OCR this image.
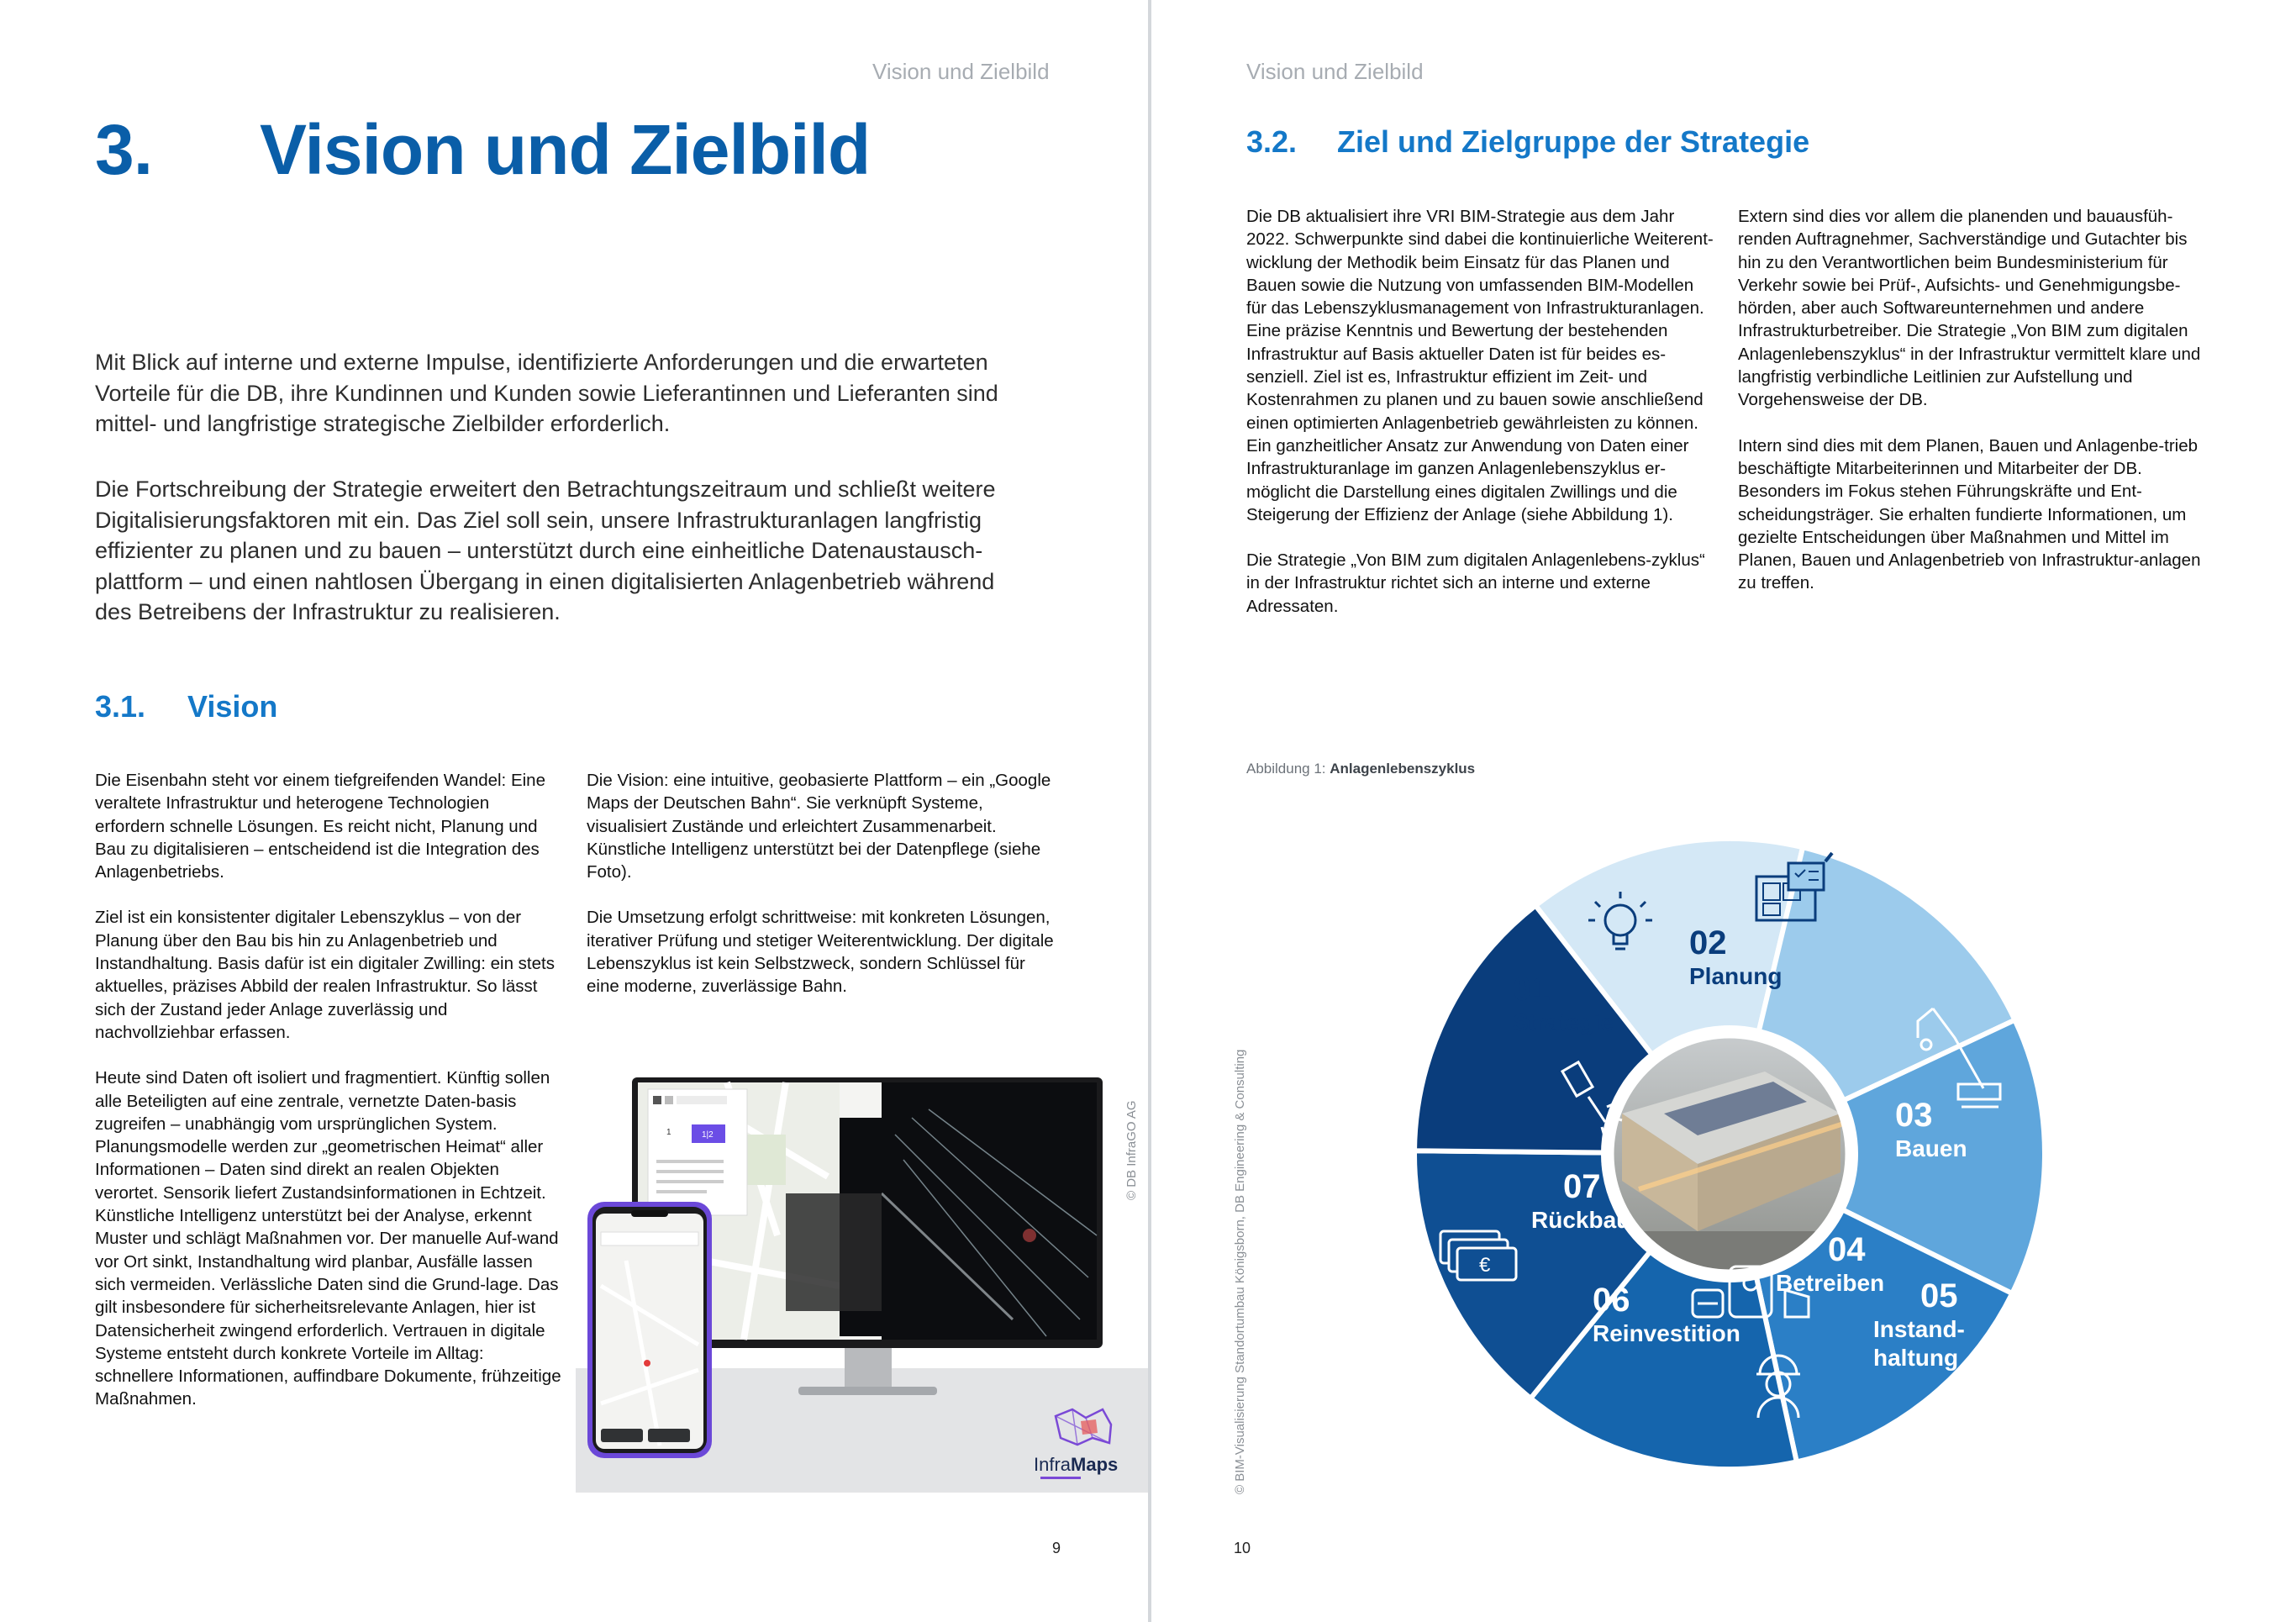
Vision und Zielbild
3. Vision und Zielbild

Mit Blick auf interne und externe Impulse, identifizierte Anforderungen und die erwarteten Vorteile für die DB, ihre Kundinnen und Kunden sowie Lieferantinnen und Lieferanten sind mittel- und langfristige strategische Zielbilder erforderlich.

Die Fortschreibung der Strategie erweitert den Betrachtungszeitraum und schließt weitere Digitalisierungsfaktoren mit ein. Das Ziel soll sein, unsere Infrastrukturanlagen langfristig effizienter zu planen und zu bauen – unterstützt durch eine einheitliche Datenaustausch-plattform – und einen nahtlosen Übergang in einen digitalisierten Anlagenbetrieb während des Betreibens der Infrastruktur zu realisieren.

3.1. Vision

Die Eisenbahn steht vor einem tiefgreifenden Wandel: Eine veraltete Infrastruktur und heterogene Technologien erfordern schnelle Lösungen. Es reicht nicht, Planung und Bau zu digitalisieren – entscheidend ist die Integration des Anlagenbetriebs.

Ziel ist ein konsistenter digitaler Lebenszyklus – von der Planung über den Bau bis hin zu Anlagenbetrieb und Instandhaltung. Basis dafür ist ein digitaler Zwilling: ein stets aktuelles, präzises Abbild der realen Infrastruktur. So lässt sich der Zustand jeder Anlage zuverlässig und nachvollziehbar erfassen.

Heute sind Daten oft isoliert und fragmentiert. Künftig sollen alle Beteiligten auf eine zentrale, vernetzte Daten-basis zugreifen – unabhängig vom ursprünglichen System. Planungsmodelle werden zur „geometrischen Heimat“ aller Informationen – Daten sind direkt an realen Objekten verortet. Sensorik liefert Zustandsinformationen in Echtzeit. Künstliche Intelligenz unterstützt bei der Analyse, erkennt Muster und schlägt Maßnahmen vor. Der manuelle Auf-wand vor Ort sinkt, Instandhaltung wird planbar, Ausfälle lassen sich vermeiden. Verlässliche Daten sind die Grund-lage. Das gilt insbesondere für sicherheitsrelevante Anlagen, hier ist Datensicherheit zwingend erforderlich. Vertrauen in digitale Systeme entsteht durch konkrete Vorteile im Alltag: schnellere Informationen, auffindbare Dokumente, frühzeitige Maßnahmen.

Die Vision: eine intuitive, geobasierte Plattform – ein „Google Maps der Deutschen Bahn“. Sie verknüpft Systeme, visualisiert Zustände und erleichtert Zusammenarbeit. Künstliche Intelligenz unterstützt bei der Datenpflege (siehe Foto).

Die Umsetzung erfolgt schrittweise: mit konkreten Lösungen, iterativer Prüfung und stetiger Weiterentwicklung. Der digitale Lebenszyklus ist kein Selbstzweck, sondern Schlüssel für eine moderne, zuverlässige Bahn.

1	1|2
InfraMaps
© DB InfraGO AG
9
Vision und Zielbild
3.2. Ziel und Zielgruppe der Strategie

Die DB aktualisiert ihre VRI BIM-Strategie aus dem Jahr 2022. Schwerpunkte sind dabei die kontinuierliche Weiterent-wicklung der Methodik beim Einsatz für das Planen und Bauen sowie die Nutzung von umfassenden BIM-Modellen für das Lebenszyklusmanagement von Infrastrukturanlagen. Eine präzise Kenntnis und Bewertung der bestehenden Infrastruktur auf Basis aktueller Daten ist für beides es-senziell. Ziel ist es, Infrastruktur effizient im Zeit- und Kostenrahmen zu planen und zu bauen sowie anschließend einen optimierten Anlagenbetrieb gewährleisten zu können. Ein ganzheitlicher Ansatz zur Anwendung von Daten einer Infrastrukturanlage im ganzen Anlagenlebenszyklus er-möglicht die Darstellung eines digitalen Zwillings und die Steigerung der Effizienz der Anlage (siehe Abbildung 1).

Die Strategie „Von BIM zum digitalen Anlagenlebens-zyklus“ in der Infrastruktur richtet sich an interne und externe Adressaten.

Extern sind dies vor allem die planenden und bauausfüh-renden Auftragnehmer, Sachverständige und Gutachter bis hin zu den Verantwortlichen beim Bundesministerium für Verkehr sowie bei Prüf-, Aufsichts- und Genehmigungsbe-hörden, aber auch Softwareunternehmen und andere Infrastrukturbetreiber. Die Strategie „Von BIM zum digitalen Anlagenlebenszyklus“ in der Infrastruktur vermittelt klare und langfristig verbindliche Leitlinien zur Aufstellung und Vorgehensweise der DB.

Intern sind dies mit dem Planen, Bauen und Anlagenbe-trieb beschäftigte Mitarbeiterinnen und Mitarbeiter der DB. Besonders im Fokus stehen Führungskräfte und Ent-scheidungsträger. Sie erhalten fundierte Informationen, um gezielte Entscheidungen über Maßnahmen und Mittel im Planen, Bauen und Anlagenbetrieb von Infrastruktur-anlagen zu treffen.

Abbildung 1: Anlagenlebenszyklus
© BIM-Visualisierung Standortumbau Königsborn, DB Engineering & Consulting	€
01
Strategie
02
Planung
03
Bauen
04
Betreiben 05
Instand-
haltung
06
Reinvestition
07
Rückbau
10
